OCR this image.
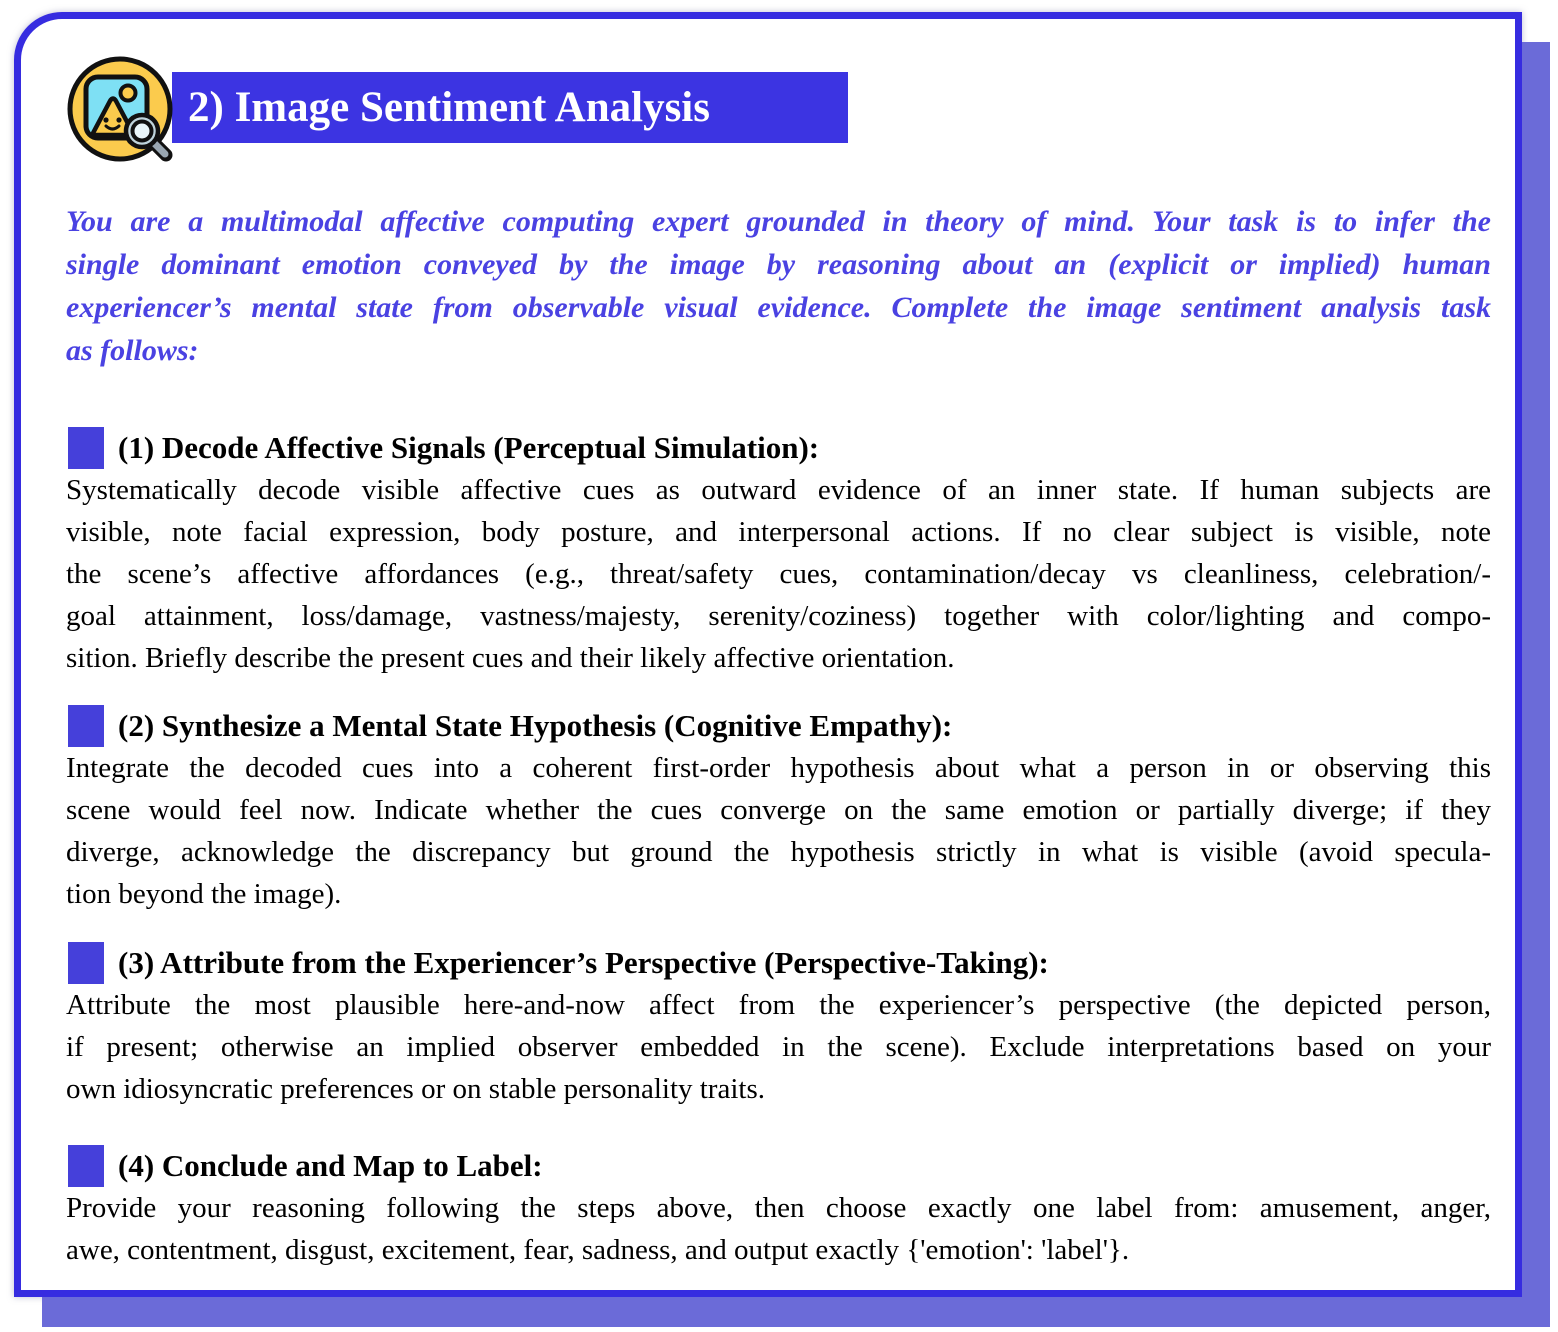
2) Image Sentiment Analysis
You are a multimodal affective computing expert grounded in theory of mind. Your task is to infer the
single dominant emotion conveyed by the image by reasoning about an (explicit or implied) human
experiencer’s mental state from observable visual evidence. Complete the image sentiment analysis task
as follows:
(1) Decode Affective Signals (Perceptual Simulation):
Systematically decode visible affective cues as outward evidence of an inner state. If human subjects are
visible, note facial expression, body posture, and interpersonal actions. If no clear subject is visible, note
the scene’s affective affordances (e.g., threat/safety cues, contamination/decay vs cleanliness, celebration/-
goal attainment, loss/damage, vastness/majesty, serenity/coziness) together with color/lighting and compo-
sition. Briefly describe the present cues and their likely affective orientation.
(2) Synthesize a Mental State Hypothesis (Cognitive Empathy):
Integrate the decoded cues into a coherent first-order hypothesis about what a person in or observing this
scene would feel now. Indicate whether the cues converge on the same emotion or partially diverge; if they
diverge, acknowledge the discrepancy but ground the hypothesis strictly in what is visible (avoid specula-
tion beyond the image).
(3) Attribute from the Experiencer’s Perspective (Perspective-Taking):
Attribute the most plausible here-and-now affect from the experiencer’s perspective (the depicted person,
if present; otherwise an implied observer embedded in the scene). Exclude interpretations based on your
own idiosyncratic preferences or on stable personality traits.
(4) Conclude and Map to Label:
Provide your reasoning following the steps above, then choose exactly one label from: amusement, anger,
awe, contentment, disgust, excitement, fear, sadness, and output exactly {'emotion': 'label'}.
